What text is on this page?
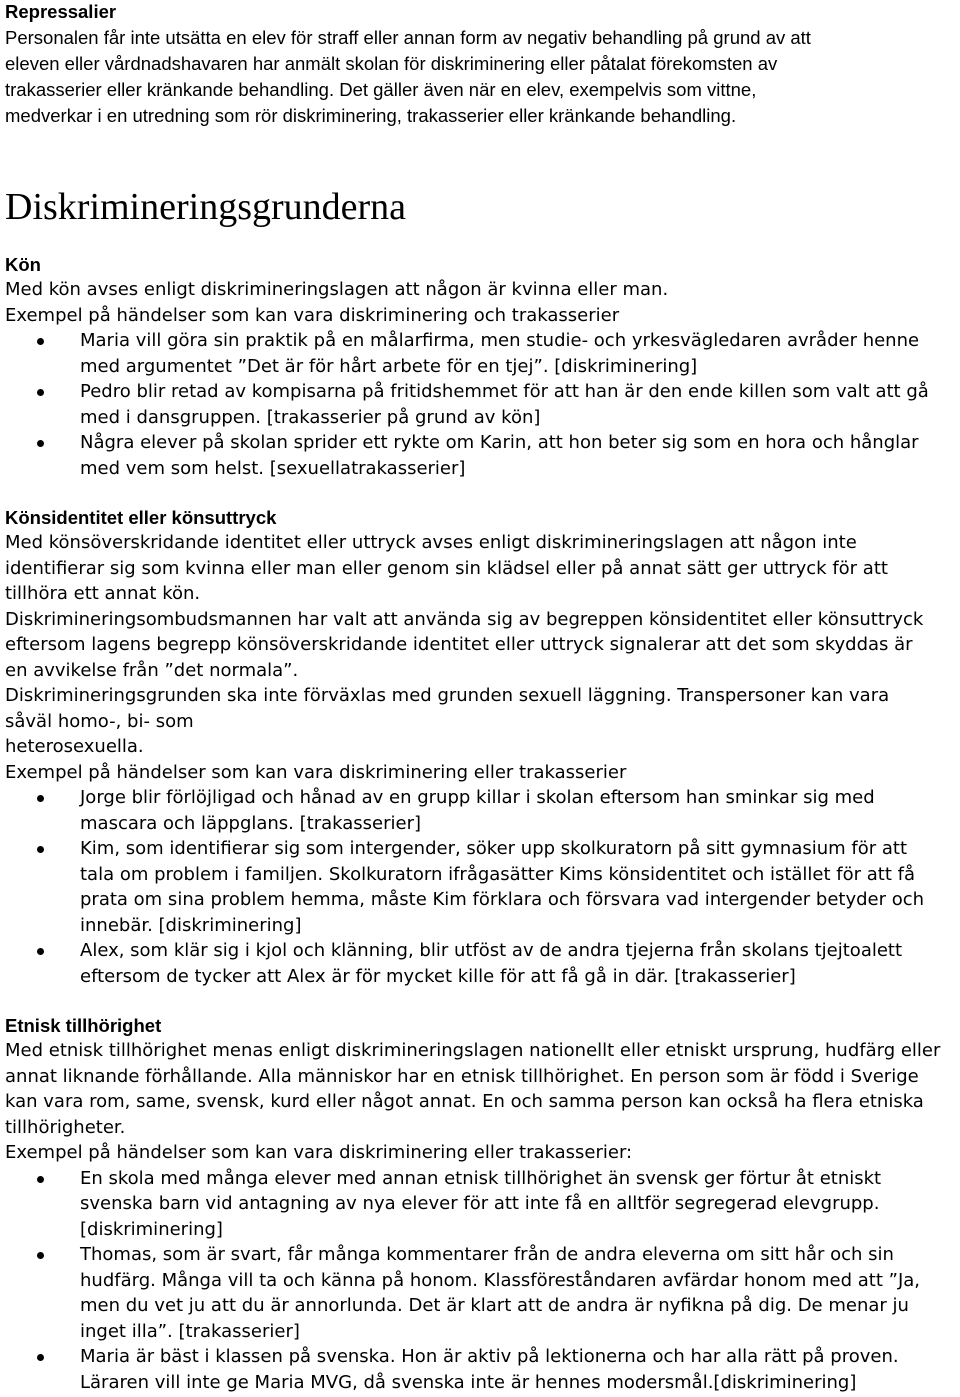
Repressalier

Personalen får inte utsätta en elev för straff eller annan form av negativ behandling på grund av att

eleven eller vårdnadshavaren har anmält skolan för diskriminering eller påtalat förekomsten av

trakasserier eller kränkande behandling. Det gäller även när en elev, exempelvis som vittne,

medverkar i en utredning som rör diskriminering, trakasserier eller kränkande behandling.

Diskrimineringsgrunderna
Kön

Med kön avses enligt diskrimineringslagen att någon är kvinna eller man.

Exempel på händelser som kan vara diskriminering och trakasserier

Maria vill göra sin praktik på en målarfirma, men studie- och yrkesvägledaren avråder henne

med argumentet ”Det är för hårt arbete för en tjej”. [diskriminering]

Pedro blir retad av kompisarna på fritidshemmet för att han är den ende killen som valt att gå

med i dansgruppen. [trakasserier på grund av kön]

Några elever på skolan sprider ett rykte om Karin, att hon beter sig som en hora och hånglar

med vem som helst. [sexuellatrakasserier]

Könsidentitet eller könsuttryck

Med könsöverskridande identitet eller uttryck avses enligt diskrimineringslagen att någon inte

identifierar sig som kvinna eller man eller genom sin klädsel eller på annat sätt ger uttryck för att

tillhöra ett annat kön.

Diskrimineringsombudsmannen har valt att använda sig av begreppen könsidentitet eller könsuttryck

eftersom lagens begrepp könsöverskridande identitet eller uttryck signalerar att det som skyddas är

en avvikelse från ”det normala”.

Diskrimineringsgrunden ska inte förväxlas med grunden sexuell läggning. Transpersoner kan vara

såväl homo-, bi- som

heterosexuella.

Exempel på händelser som kan vara diskriminering eller trakasserier

Jorge blir förlöjligad och hånad av en grupp killar i skolan eftersom han sminkar sig med

mascara och läppglans. [trakasserier]

Kim, som identifierar sig som intergender, söker upp skolkuratorn på sitt gymnasium för att

tala om problem i familjen. Skolkuratorn ifrågasätter Kims könsidentitet och istället för att få

prata om sina problem hemma, måste Kim förklara och försvara vad intergender betyder och

innebär. [diskriminering]

Alex, som klär sig i kjol och klänning, blir utföst av de andra tjejerna från skolans tjejtoalett

eftersom de tycker att Alex är för mycket kille för att få gå in där. [trakasserier]

Etnisk tillhörighet

Med etnisk tillhörighet menas enligt diskrimineringslagen nationellt eller etniskt ursprung, hudfärg eller

annat liknande förhållande. Alla människor har en etnisk tillhörighet. En person som är född i Sverige

kan vara rom, same, svensk, kurd eller något annat. En och samma person kan också ha flera etniska

tillhörigheter.

Exempel på händelser som kan vara diskriminering eller trakasserier:

En skola med många elever med annan etnisk tillhörighet än svensk ger förtur åt etniskt

svenska barn vid antagning av nya elever för att inte få en alltför segregerad elevgrupp.

[diskriminering]

Thomas, som är svart, får många kommentarer från de andra eleverna om sitt hår och sin

hudfärg. Många vill ta och känna på honom. Klassföreståndaren avfärdar honom med att ”Ja,

men du vet ju att du är annorlunda. Det är klart att de andra är nyfikna på dig. De menar ju

inget illa”. [trakasserier]

Maria är bäst i klassen på svenska. Hon är aktiv på lektionerna och har alla rätt på proven.

Läraren vill inte ge Maria MVG, då svenska inte är hennes modersmål.[diskriminering]
